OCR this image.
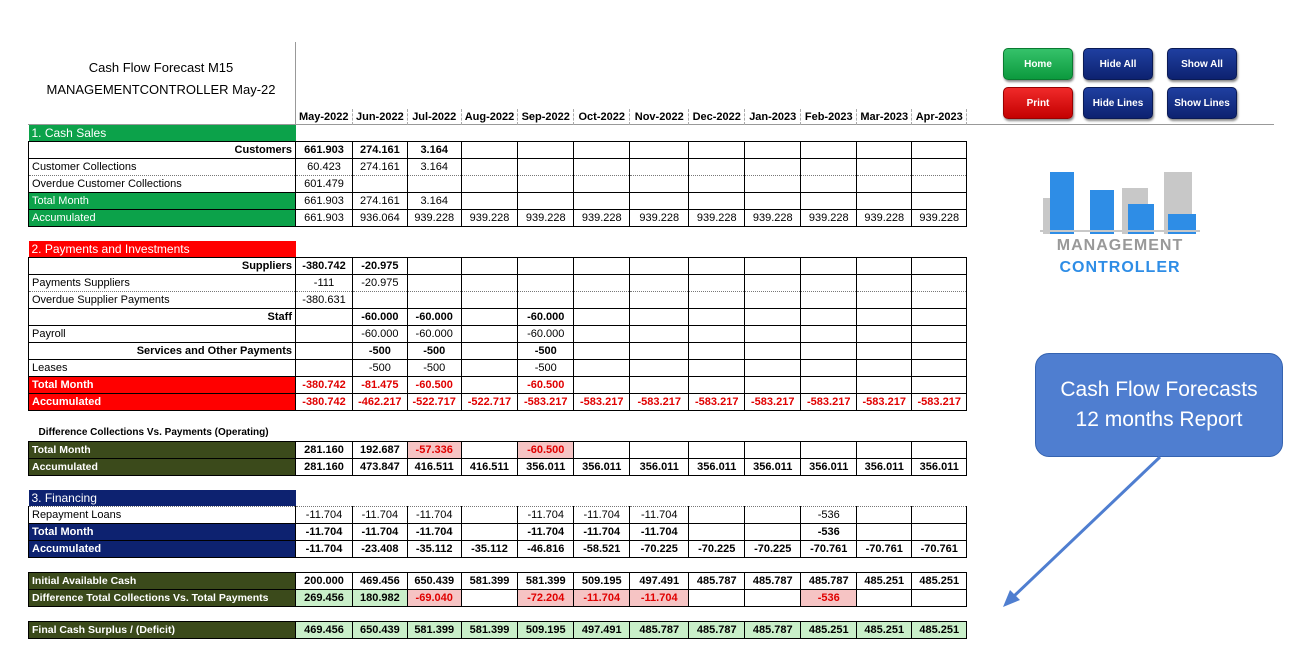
Cash Flow Forecast M15
MANAGEMENTCONTROLLER May-22
Home	Hide All	Show All
Print	Hide Lines	Show Lines
	May-2022	Jun-2022	Jul-2022	Aug-2022	Sep-2022	Oct-2022	Nov-2022	Dec-2022	Jan-2023	Feb-2023	Mar-2023	Apr-2023
1. Cash Sales												
Customers	661.903	274.161	3.164									
Customer Collections	60.423	274.161	3.164									
Overdue Customer Collections	601.479											
Total Month	661.903	274.161	3.164									
Accumulated	661.903	936.064	939.228	939.228	939.228	939.228	939.228	939.228	939.228	939.228	939.228	939.228

2. Payments and Investments												
Suppliers	-380.742	-20.975										
Payments Suppliers	-111	-20.975										
Overdue Supplier Payments	-380.631											
Staff		-60.000	-60.000		-60.000							
Payroll		-60.000	-60.000		-60.000							
Services and Other Payments		-500	-500		-500							
Leases		-500	-500		-500							
Total Month	-380.742	-81.475	-60.500		-60.500							
Accumulated	-380.742	-462.217	-522.717	-522.717	-583.217	-583.217	-583.217	-583.217	-583.217	-583.217	-583.217	-583.217

Difference Collections Vs. Payments (Operating)												
Total Month	281.160	192.687	-57.336		-60.500							
Accumulated	281.160	473.847	416.511	416.511	356.011	356.011	356.011	356.011	356.011	356.011	356.011	356.011

3. Financing												
Repayment Loans	-11.704	-11.704	-11.704		-11.704	-11.704	-11.704			-536		
Total Month	-11.704	-11.704	-11.704		-11.704	-11.704	-11.704			-536		
Accumulated	-11.704	-23.408	-35.112	-35.112	-46.816	-58.521	-70.225	-70.225	-70.225	-70.761	-70.761	-70.761

Initial Available Cash	200.000	469.456	650.439	581.399	581.399	509.195	497.491	485.787	485.787	485.787	485.251	485.251
Difference Total Collections Vs. Total Payments	269.456	180.982	-69.040		-72.204	-11.704	-11.704			-536		

Final Cash Surplus / (Deficit)	469.456	650.439	581.399	581.399	509.195	497.491	485.787	485.787	485.787	485.251	485.251	485.251
MANAGEMENT
CONTROLLER
Cash Flow Forecasts
12 months Report
